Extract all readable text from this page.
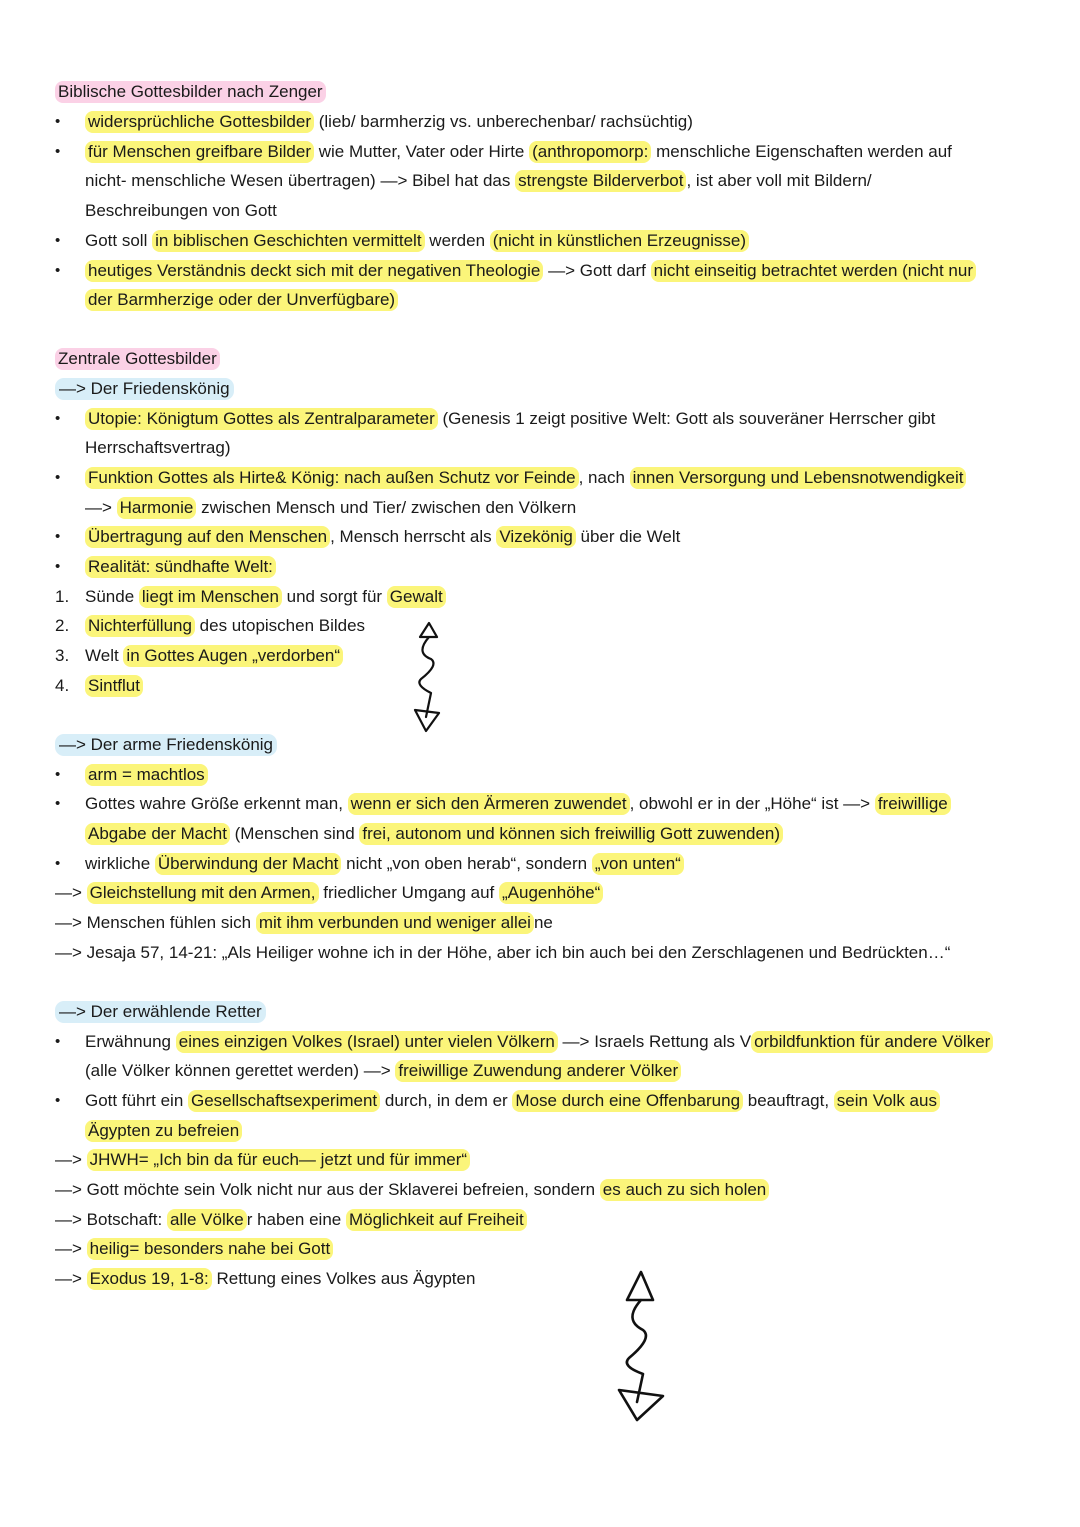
Biblische Gottesbilder nach Zenger
widersprüchliche Gottesbilder (lieb/ barmherzig vs. unberechenbar/ rachsüchtig)
für Menschen greifbare Bilder wie Mutter, Vater oder Hirte (anthropomorp: menschliche Eigenschaften werden auf
nicht- menschliche Wesen übertragen) —> Bibel hat das strengste Bilderverbot , ist aber voll mit Bildern/
Beschreibungen von Gott
Gott soll in biblischen Geschichten vermittelt werden (nicht in künstlichen Erzeugnisse)
heutiges Verständnis deckt sich mit der negativen Theologie —> Gott darf nicht einseitig betrachtet werden (nicht nur
der Barmherzige oder der Unverfügbare)
Zentrale Gottesbilder
—> Der Friedenskönig
Utopie: Königtum Gottes als Zentralparameter (Genesis 1 zeigt positive Welt: Gott als souveräner Herrscher gibt
Herrschaftsvertrag)
Funktion Gottes als Hirte& König: nach außen Schutz vor Feinde , nach innen Versorgung und Lebensnotwendigkeit
—> Harmonie zwischen Mensch und Tier/ zwischen den Völkern
Übertragung auf den Menschen , Mensch herrscht als Vizekönig über die Welt
Realität: sündhafte Welt:
1. Sünde liegt im Menschen und sorgt für Gewalt
2. Nichterfüllung des utopischen Bildes
3. Welt in Gottes Augen „verdorben“
4. Sintflut
—> Der arme Friedenskönig
arm = machtlos
Gottes wahre Größe erkennt man, wenn er sich den Ärmeren zuwendet , obwohl er in der „Höhe“ ist —> freiwillige
Abgabe der Macht (Menschen sind frei, autonom und können sich freiwillig Gott zuwenden)
wirkliche Überwindung der Macht nicht „von oben herab“, sondern „von unten“
—> Gleichstellung mit den Armen, friedlicher Umgang auf „Augenhöhe“
—> Menschen fühlen sich mit ihm verbunden und weniger allei ne
—> Jesaja 57, 14-21: „Als Heiliger wohne ich in der Höhe, aber ich bin auch bei den Zerschlagenen und Bedrückten…“
—> Der erwählende Retter
Erwähnung eines einzigen Volkes (Israel) unter vielen Völkern —> Israels Rettung als V orbildfunktion für andere Völker
(alle Völker können gerettet werden) —> freiwillige Zuwendung anderer Völker
Gott führt ein Gesellschaftsexperiment durch, in dem er Mose durch eine Offenbarung beauftragt, sein Volk aus
Ägypten zu befreien
—> JHWH= „Ich bin da für euch— jetzt und für immer“
—> Gott möchte sein Volk nicht nur aus der Sklaverei befreien, sondern es auch zu sich holen
—> Botschaft: alle Völke r haben eine Möglichkeit auf Freiheit
—> heilig= besonders nahe bei Gott
—> Exodus 19, 1-8: Rettung eines Volkes aus Ägypten
